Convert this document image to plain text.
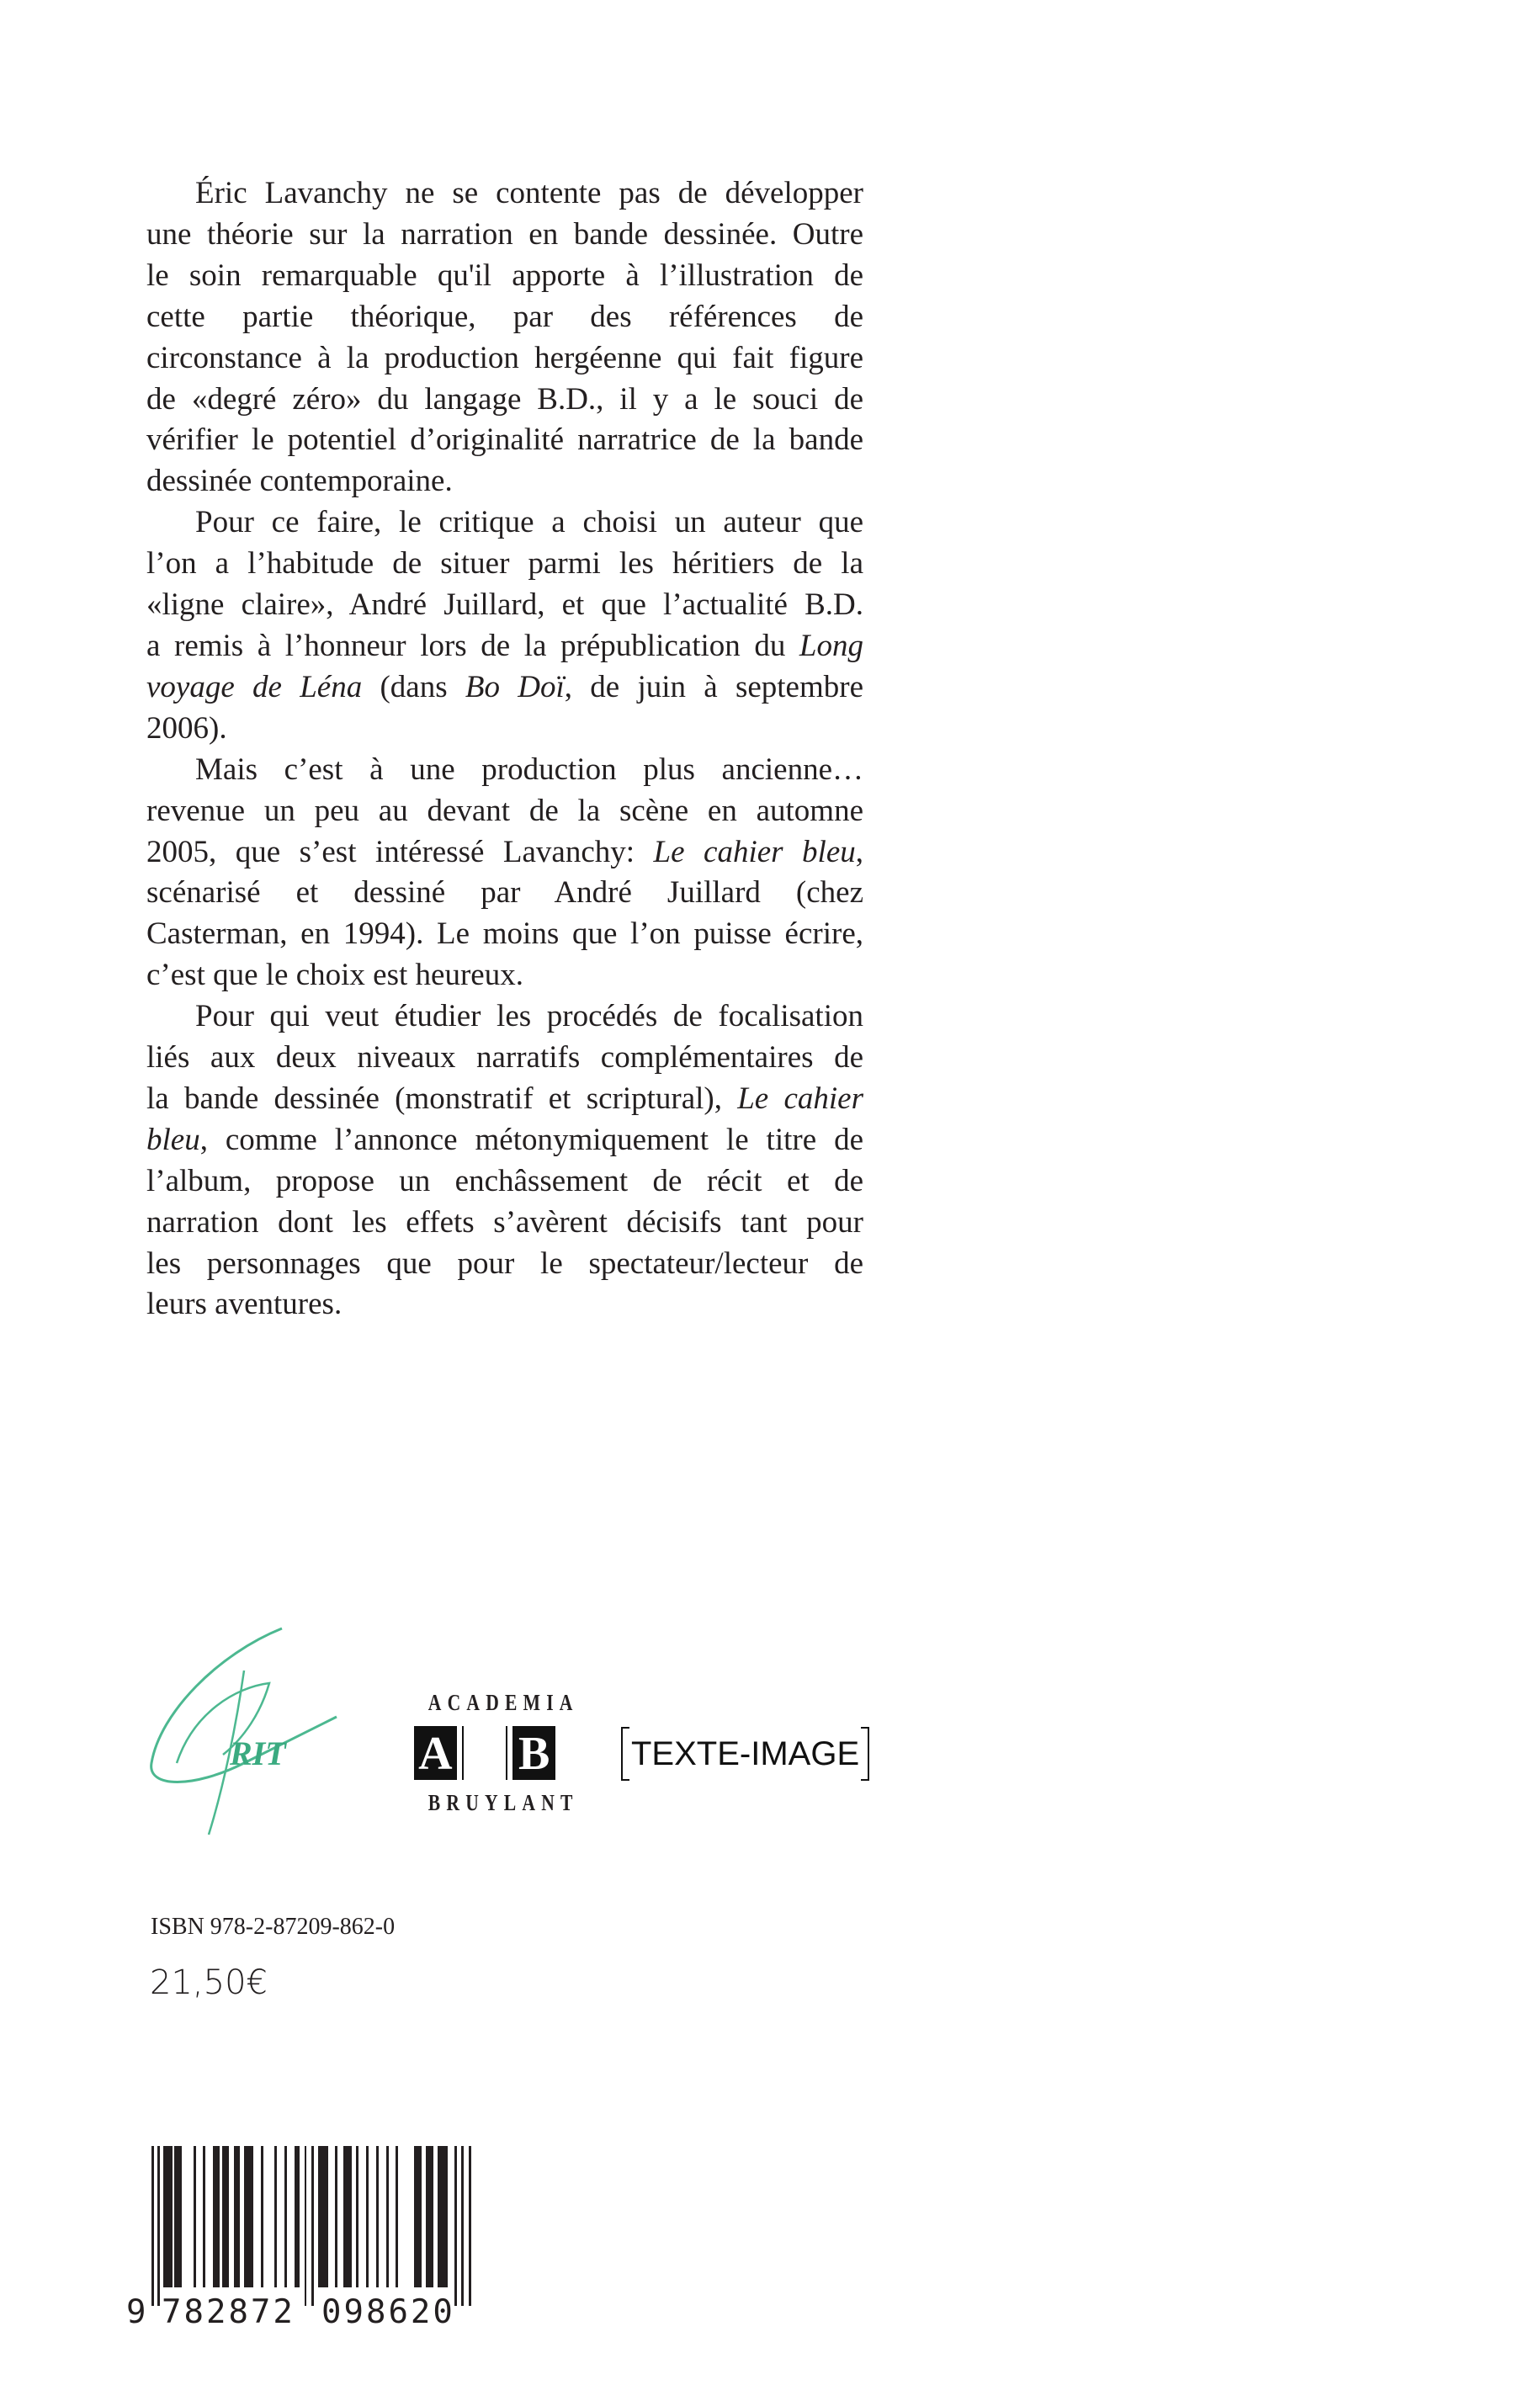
Éric Lavanchy ne se contente pas de développer
une théorie sur la narration en bande dessinée. Outre
le soin remarquable qu'il apporte à l’illustration de
cette partie théorique, par des références de
circonstance à la production hergéenne qui fait figure
de «degré zéro» du langage B.D., il y a le souci de
vérifier le potentiel d’originalité narratrice de la bande
dessinée contemporaine.
Pour ce faire, le critique a choisi un auteur que
l’on a l’habitude de situer parmi les héritiers de la
«ligne claire», André Juillard, et que l’actualité B.D.
a remis à l’honneur lors de la prépublication du Long
voyage de Léna (dans Bo Doï, de juin à septembre
2006).
Mais c’est à une production plus ancienne…
revenue un peu au devant de la scène en automne
2005, que s’est intéressé Lavanchy: Le cahier bleu,
scénarisé et dessiné par André Juillard (chez
Casterman, en 1994). Le moins que l’on puisse écrire,
c’est que le choix est heureux.
Pour qui veut étudier les procédés de focalisation
liés aux deux niveaux narratifs complémentaires de
la bande dessinée (monstratif et scriptural), Le cahier
bleu, comme l’annonce métonymiquement le titre de
l’album, propose un enchâssement de récit et de
narration dont les effets s’avèrent décisifs tant pour
les personnages que pour le spectateur/lecteur de
leurs aventures.
RIT
ACADEMIA
A B
BRUYLANT
TEXTE-IMAGE
ISBN 978-2-87209-862-0
21,50€
9 782872 098620
